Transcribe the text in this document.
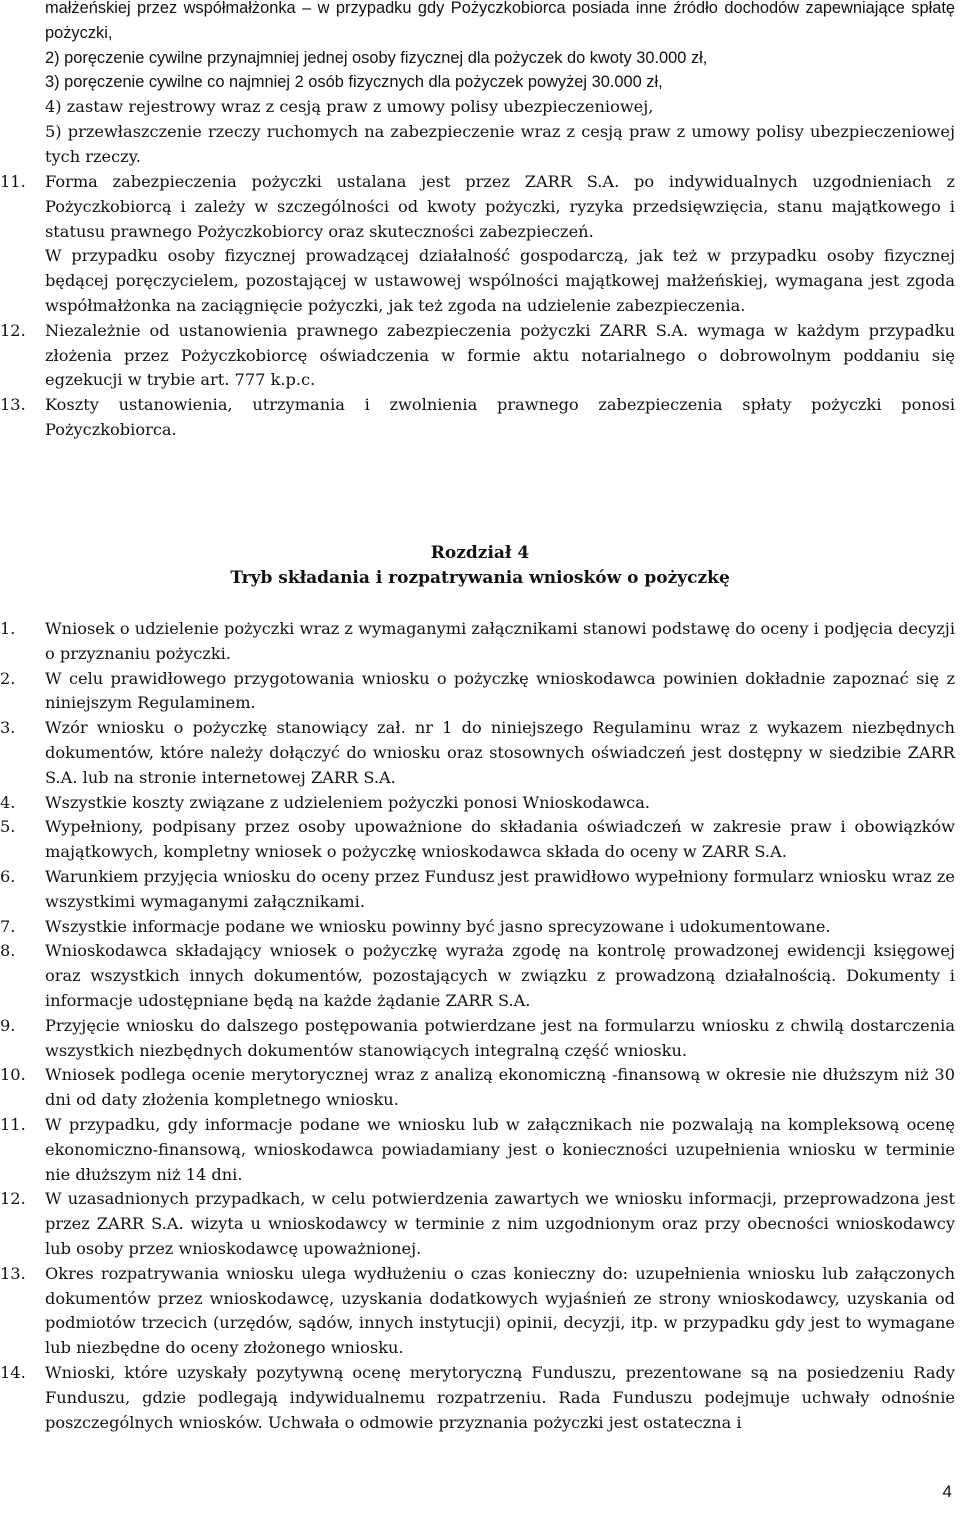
małżeńskiej przez współmałżonka – w przypadku gdy Pożyczkobiorca posiada inne źródło dochodów zapewniające spłatę pożyczki,

2) poręczenie cywilne przynajmniej jednej osoby fizycznej dla pożyczek do kwoty 30.000 zł,

3) poręczenie cywilne co najmniej 2 osób fizycznych dla pożyczek powyżej 30.000 zł,

4) zastaw rejestrowy wraz z cesją praw z umowy polisy ubezpieczeniowej,

5) przewłaszczenie rzeczy ruchomych na zabezpieczenie wraz z cesją praw z umowy polisy ubezpieczeniowej tych rzeczy.

11.	Forma zabezpieczenia pożyczki ustalana jest przez ZARR S.A. po indywidualnych uzgodnieniach z Pożyczkobiorcą i zależy w szczególności od kwoty pożyczki, ryzyka przedsięwzięcia, stanu majątkowego i statusu prawnego Pożyczkobiorcy oraz skuteczności zabezpieczeń.

W przypadku osoby fizycznej prowadzącej działalność gospodarczą, jak też w przypadku osoby fizycznej będącej poręczycielem, pozostającej w ustawowej wspólności majątkowej małżeńskiej, wymagana jest zgoda współmałżonka na zaciągnięcie pożyczki, jak też zgoda na udzielenie zabezpieczenia.

12.	Niezależnie od ustanowienia prawnego zabezpieczenia pożyczki ZARR S.A. wymaga w każdym przypadku złożenia przez Pożyczkobiorcę oświadczenia w formie aktu notarialnego o dobrowolnym poddaniu się egzekucji w trybie art. 777 k.p.c.

13.	Koszty ustanowienia, utrzymania i zwolnienia prawnego zabezpieczenia spłaty pożyczki ponosi Pożyczkobiorca.

Rozdział 4
Tryb składania i rozpatrywania wniosków o pożyczkę
1.	Wniosek o udzielenie pożyczki wraz z wymaganymi załącznikami stanowi podstawę do oceny i podjęcia decyzji o przyznaniu pożyczki.

2.	W celu prawidłowego przygotowania wniosku o pożyczkę wnioskodawca powinien dokładnie zapoznać się z niniejszym Regulaminem.

3.	Wzór wniosku o pożyczkę stanowiący zał. nr 1 do niniejszego Regulaminu wraz z wykazem niezbędnych dokumentów, które należy dołączyć do wniosku oraz stosownych oświadczeń jest dostępny w siedzibie ZARR S.A. lub na stronie internetowej ZARR S.A.

4.	Wszystkie koszty związane z udzieleniem pożyczki ponosi Wnioskodawca.

5.	Wypełniony, podpisany przez osoby upoważnione do składania oświadczeń w zakresie praw i obowiązków majątkowych, kompletny wniosek o pożyczkę wnioskodawca składa do oceny w ZARR S.A.

6.	Warunkiem przyjęcia wniosku do oceny przez Fundusz jest prawidłowo wypełniony formularz wniosku wraz ze wszystkimi wymaganymi załącznikami.

7.	Wszystkie informacje podane we wniosku powinny być jasno sprecyzowane i udokumentowane.

8.	Wnioskodawca składający wniosek o pożyczkę wyraża zgodę na kontrolę prowadzonej ewidencji księgowej oraz wszystkich innych dokumentów, pozostających w związku z prowadzoną działalnością. Dokumenty i informacje udostępniane będą na każde żądanie ZARR S.A.

9.	Przyjęcie wniosku do dalszego postępowania potwierdzane jest na formularzu wniosku z chwilą dostarczenia wszystkich niezbędnych dokumentów stanowiących integralną część wniosku.

10.	Wniosek podlega ocenie merytorycznej wraz z analizą ekonomiczną -finansową w okresie nie dłuższym niż 30 dni od daty złożenia kompletnego wniosku.

11.	W przypadku, gdy informacje podane we wniosku lub w załącznikach nie pozwalają na kompleksową ocenę ekonomiczno-finansową, wnioskodawca powiadamiany jest o konieczności uzupełnienia wniosku w terminie nie dłuższym niż 14 dni.

12.	W uzasadnionych przypadkach, w celu potwierdzenia zawartych we wniosku informacji, przeprowadzona jest przez ZARR S.A. wizyta u wnioskodawcy w terminie z nim uzgodnionym oraz przy obecności wnioskodawcy lub osoby przez wnioskodawcę upoważnionej.

13.	Okres rozpatrywania wniosku ulega wydłużeniu o czas konieczny do: uzupełnienia wniosku lub załączonych dokumentów przez wnioskodawcę, uzyskania dodatkowych wyjaśnień ze strony wnioskodawcy, uzyskania od podmiotów trzecich (urzędów, sądów, innych instytucji) opinii, decyzji, itp. w przypadku gdy jest to wymagane lub niezbędne do oceny złożonego wniosku.

14.	Wnioski, które uzyskały pozytywną ocenę merytoryczną Funduszu, prezentowane są na posiedzeniu Rady Funduszu, gdzie podlegają indywidualnemu rozpatrzeniu. Rada Funduszu podejmuje uchwały odnośnie poszczególnych wniosków. Uchwała o odmowie przyznania pożyczki jest ostateczna i

4
